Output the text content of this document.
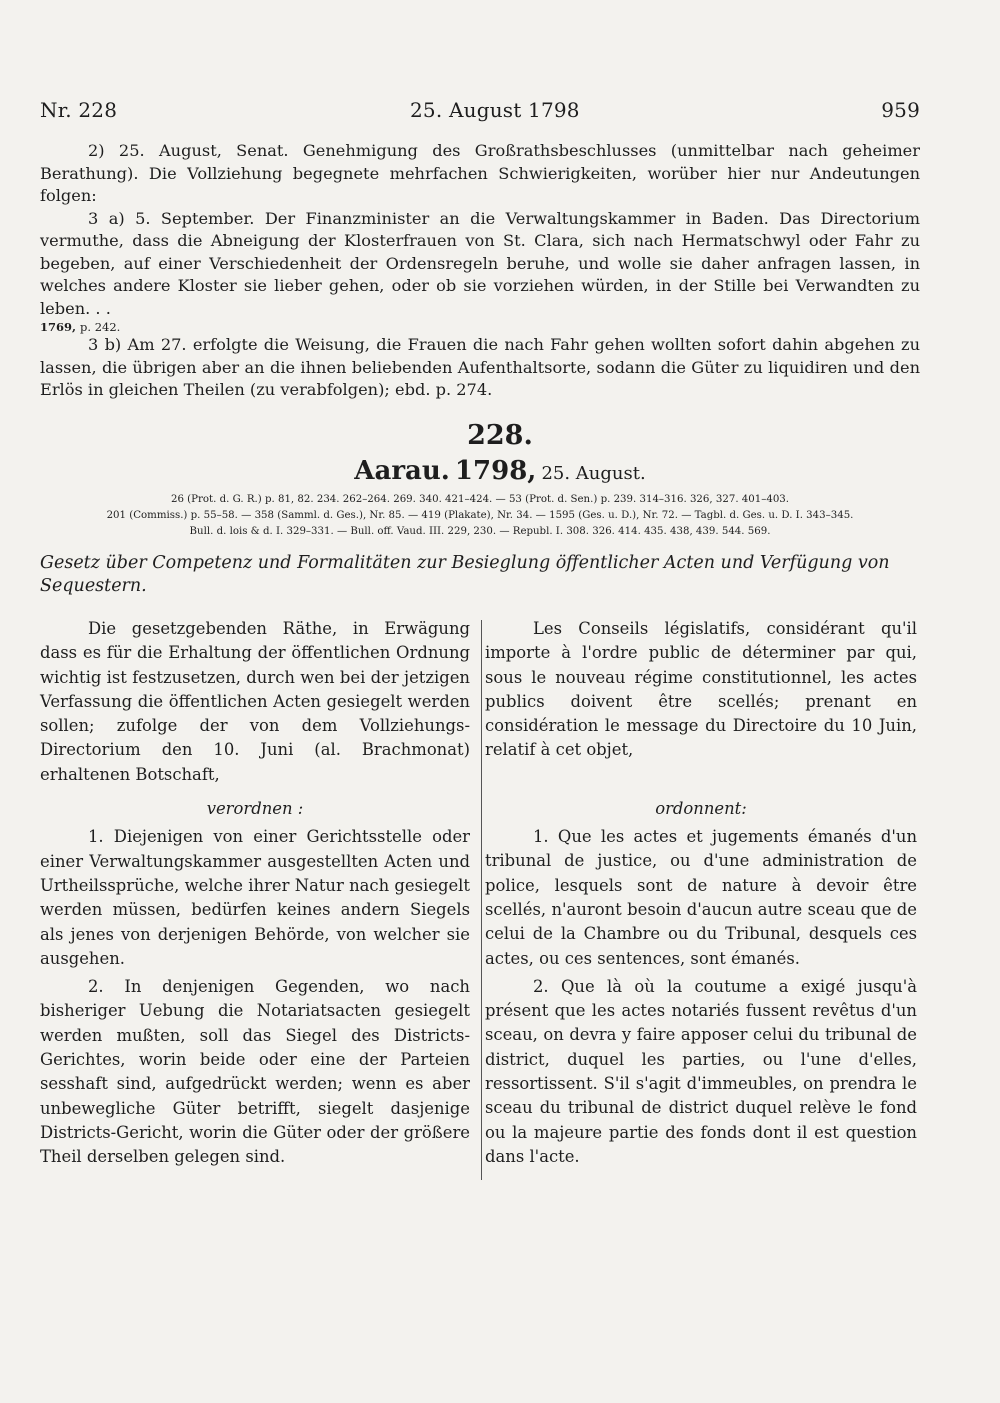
Nr. 228	25. August 1798	959

2) 25. August, Senat. Genehmigung des Großrathsbeschlusses (unmittelbar nach geheimer Berathung). Die Vollziehung begegnete mehrfachen Schwierigkeiten, worüber hier nur Andeutungen folgen:

3 a) 5. September. Der Finanzminister an die Verwaltungskammer in Baden. Das Directorium vermuthe, dass die Abneigung der Klosterfrauen von St. Clara, sich nach Hermatschwyl oder Fahr zu begeben, auf einer Verschiedenheit der Ordensregeln beruhe, und wolle sie daher anfragen lassen, in welches andere Kloster sie lieber gehen, oder ob sie vorziehen würden, in der Stille bei Verwandten zu leben. . .

1769, p. 242.

3 b) Am 27. erfolgte die Weisung, die Frauen die nach Fahr gehen wollten sofort dahin abgehen zu lassen, die übrigen aber an die ihnen beliebenden Aufenthaltsorte, sodann die Güter zu liquidiren und den Erlös in gleichen Theilen (zu verabfolgen); ebd. p. 274.

228.
Aarau. 1798, 25. August.

26 (Prot. d. G. R.) p. 81, 82. 234. 262–264. 269. 340. 421–424. — 53 (Prot. d. Sen.) p. 239. 314–316. 326, 327. 401–403.

201 (Commiss.) p. 55–58. — 358 (Samml. d. Ges.), Nr. 85. — 419 (Plakate), Nr. 34. — 1595 (Ges. u. D.), Nr. 72. — Tagbl. d. Ges. u. D. I. 343–345.

Bull. d. lois & d. I. 329–331. — Bull. off. Vaud. III. 229, 230. — Republ. I. 308. 326. 414. 435. 438, 439. 544. 569.

Gesetz über Competenz und Formalitäten zur Besieglung öffentlicher Acten und Verfügung von Sequestern.

Die gesetzgebenden Räthe, in Erwägung dass es für die Erhaltung der öffentlichen Ordnung wichtig ist festzusetzen, durch wen bei der jetzigen Verfassung die öffentlichen Acten gesiegelt werden sollen; zufolge der von dem Vollziehungs-Directorium den 10. Juni (al. Brachmonat) erhaltenen Botschaft,

verordnen :

1. Diejenigen von einer Gerichtsstelle oder einer Verwaltungskammer ausgestellten Acten und Urtheilssprüche, welche ihrer Natur nach gesiegelt werden müssen, bedürfen keines andern Siegels als jenes von derjenigen Behörde, von welcher sie ausgehen.

2. In denjenigen Gegenden, wo nach bisheriger Uebung die Notariatsacten gesiegelt werden mußten, soll das Siegel des Districts-Gerichtes, worin beide oder eine der Parteien sesshaft sind, aufgedrückt werden; wenn es aber unbewegliche Güter betrifft, siegelt dasjenige Districts-Gericht, worin die Güter oder der größere Theil derselben gelegen sind.

Les Conseils législatifs, considérant qu'il importe à l'ordre public de déterminer par qui, sous le nouveau régime constitutionnel, les actes publics doivent être scellés; prenant en considération le message du Directoire du 10 Juin, relatif à cet objet,

ordonnent:

1. Que les actes et jugements émanés d'un tribunal de justice, ou d'une administration de police, lesquels sont de nature à devoir être scellés, n'auront besoin d'aucun autre sceau que de celui de la Chambre ou du Tribunal, desquels ces actes, ou ces sentences, sont émanés.

2. Que là où la coutume a exigé jusqu'à présent que les actes notariés fussent revêtus d'un sceau, on devra y faire apposer celui du tribunal de district, duquel les parties, ou l'une d'elles, ressortissent. S'il s'agit d'immeubles, on prendra le sceau du tribunal de district duquel relève le fond ou la majeure partie des fonds dont il est question dans l'acte.
